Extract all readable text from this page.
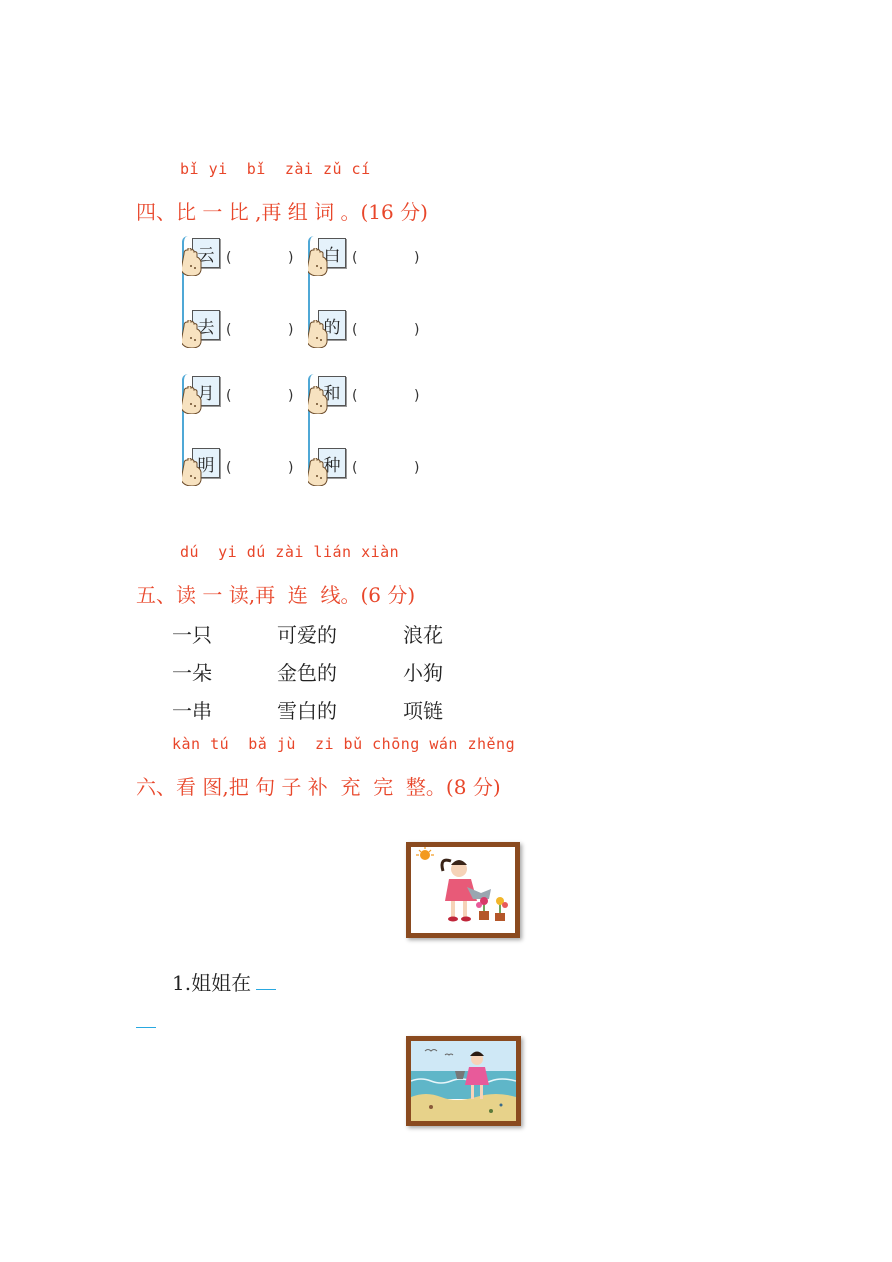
bǐ yi  bǐ  zài zǔ cí
四、比 一 比 ,再 组 词 。(16 分)
云 (	)
去 (	)
白 (	)
的 (	)
月 (	)
明 (	)
和 (	)
种 (	)
dú  yi dú zài lián xiàn
五、读 一 读,再  连  线。(6 分)
一只	可爱的	浪花
一朵	金色的	小狗
一串	雪白的	项链
kàn tú  bǎ jù  zi bǔ chōng wán zhěng
六、看 图,把 句 子 补  充  完  整。(8 分)
1.姐姐在
